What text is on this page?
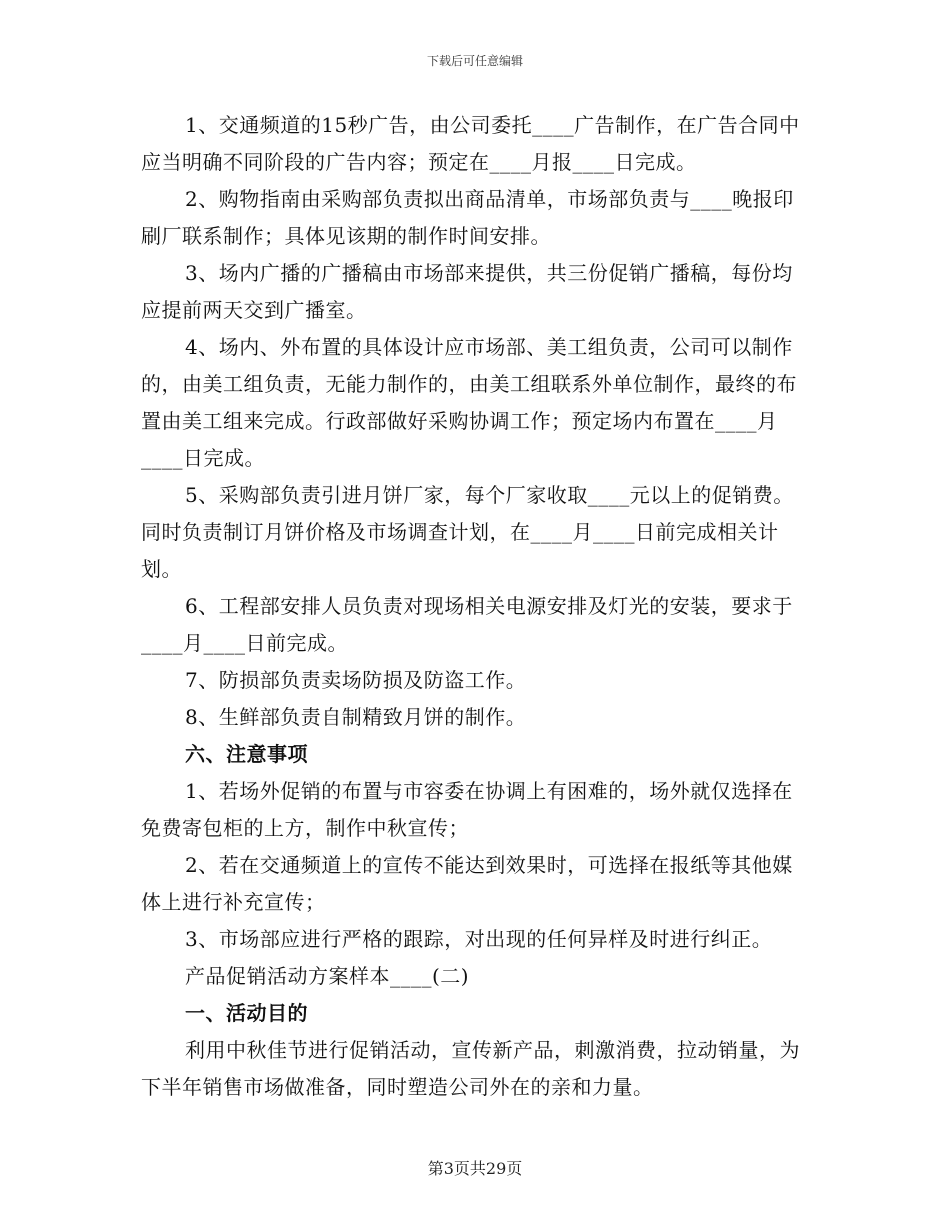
下载后可任意编辑

1、交通频道的15秒广告，由公司委托____广告制作，在广告合同中应当明确不同阶段的广告内容；预定在____月报____日完成。

2、购物指南由采购部负责拟出商品清单，市场部负责与____晚报印刷厂联系制作；具体见该期的制作时间安排。

3、场内广播的广播稿由市场部来提供，共三份促销广播稿，每份均应提前两天交到广播室。

4、场内、外布置的具体设计应市场部、美工组负责，公司可以制作的，由美工组负责，无能力制作的，由美工组联系外单位制作，最终的布置由美工组来完成。行政部做好采购协调工作；预定场内布置在____月____日完成。

5、采购部负责引进月饼厂家，每个厂家收取____元以上的促销费。同时负责制订月饼价格及市场调查计划，在____月____日前完成相关计划。

6、工程部安排人员负责对现场相关电源安排及灯光的安装，要求于____月____日前完成。

7、防损部负责卖场防损及防盗工作。

8、生鲜部负责自制精致月饼的制作。

六、注意事项

1、若场外促销的布置与市容委在协调上有困难的，场外就仅选择在免费寄包柜的上方，制作中秋宣传；

2、若在交通频道上的宣传不能达到效果时，可选择在报纸等其他媒体上进行补充宣传；

3、市场部应进行严格的跟踪，对出现的任何异样及时进行纠正。

产品促销活动方案样本____(二)

一、活动目的

利用中秋佳节进行促销活动，宣传新产品，刺激消费，拉动销量，为下半年销售市场做准备，同时塑造公司外在的亲和力量。

第3页共29页
